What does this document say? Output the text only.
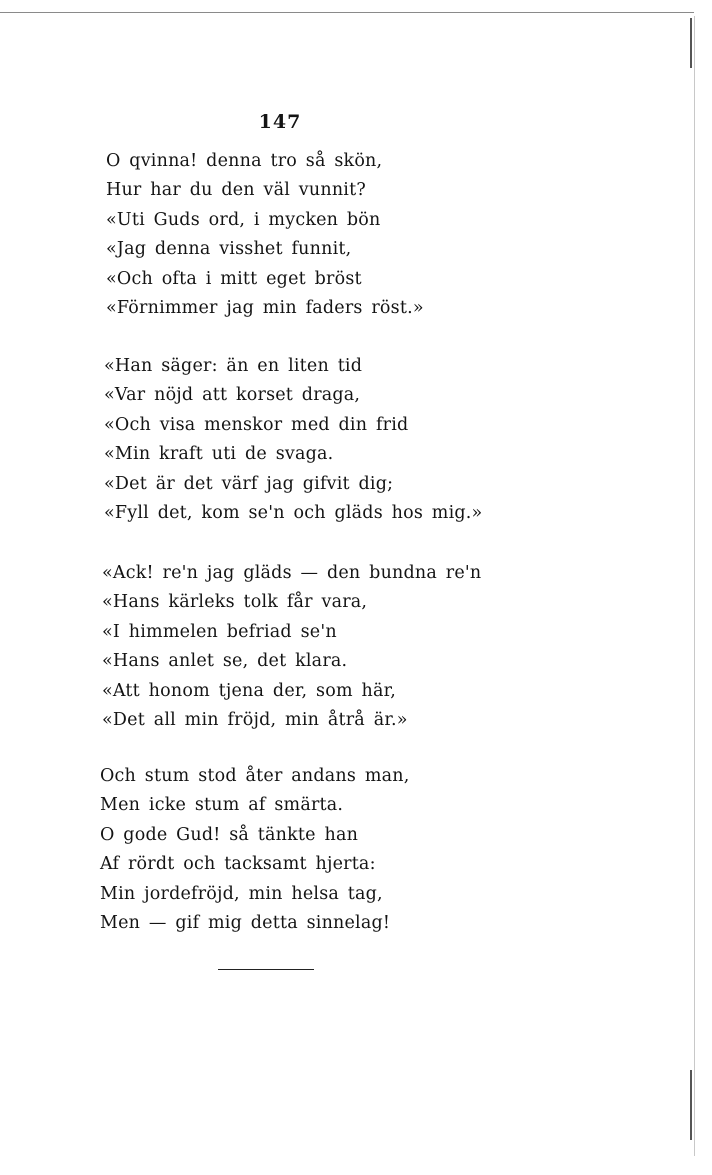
147
O qvinna! denna tro så skön,
Hur har du den väl vunnit?
«Uti Guds ord, i mycken bön
«Jag denna visshet funnit,
«Och ofta i mitt eget bröst
«Förnimmer jag min faders röst.»
«Han säger: än en liten tid
«Var nöjd att korset draga,
«Och visa menskor med din frid
«Min kraft uti de svaga.
«Det är det värf jag gifvit dig;
«Fyll det, kom se'n och gläds hos mig.»
«Ack! re'n jag gläds — den bundna re'n
«Hans kärleks tolk får vara,
«I himmelen befriad se'n
«Hans anlet se, det klara.
«Att honom tjena der, som här,
«Det all min fröjd, min åtrå är.»
Och stum stod åter andans man,
Men icke stum af smärta.
O gode Gud! så tänkte han
Af rördt och tacksamt hjerta:
Min jordefröjd, min helsa tag,
Men — gif mig detta sinnelag!
